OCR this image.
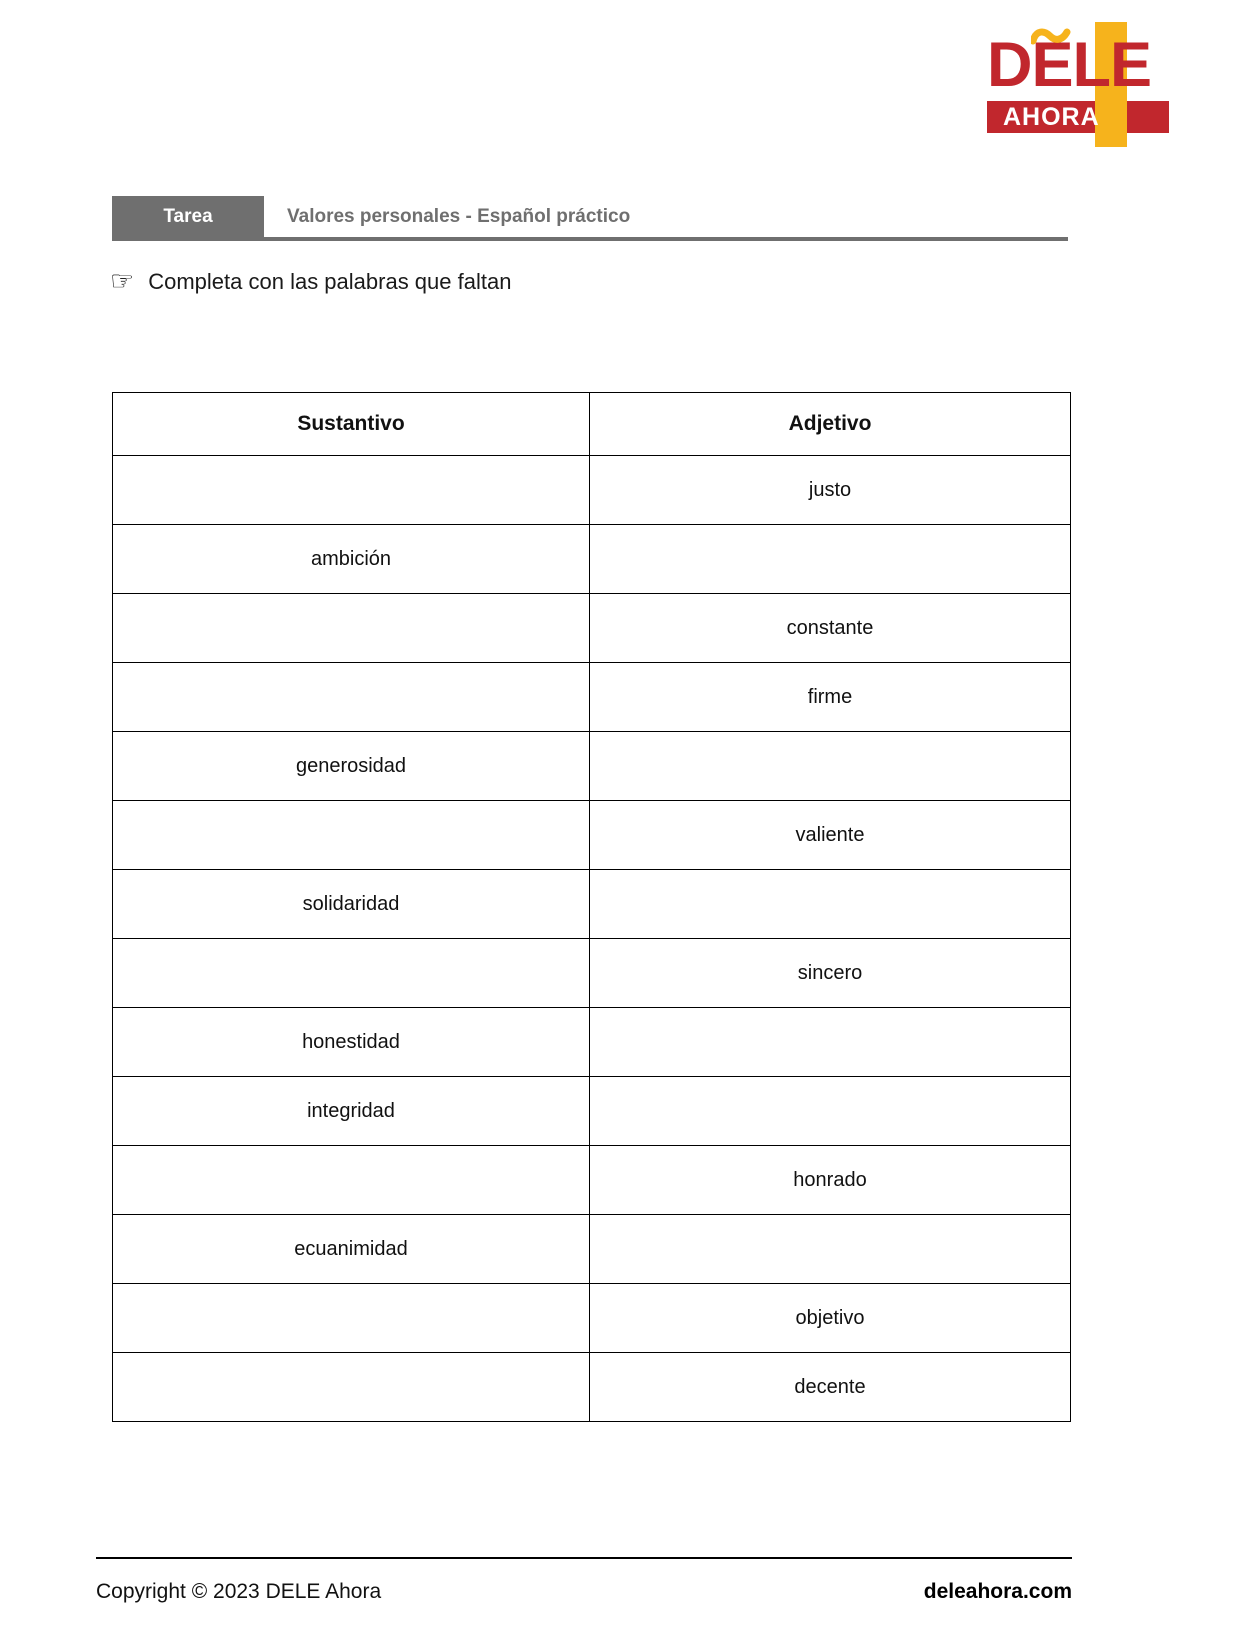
DELE
AHORA
Tarea	Valores personales - Español práctico
☞ Completa con las palabras que faltan
Sustantivo	Adjetivo
	justo
ambición	
	constante
	firme
generosidad	
	valiente
solidaridad	
	sincero
honestidad	
integridad	
	honrado
ecuanimidad	
	objetivo
	decente
Copyright © 2023 DELE Ahora	deleahora.com
